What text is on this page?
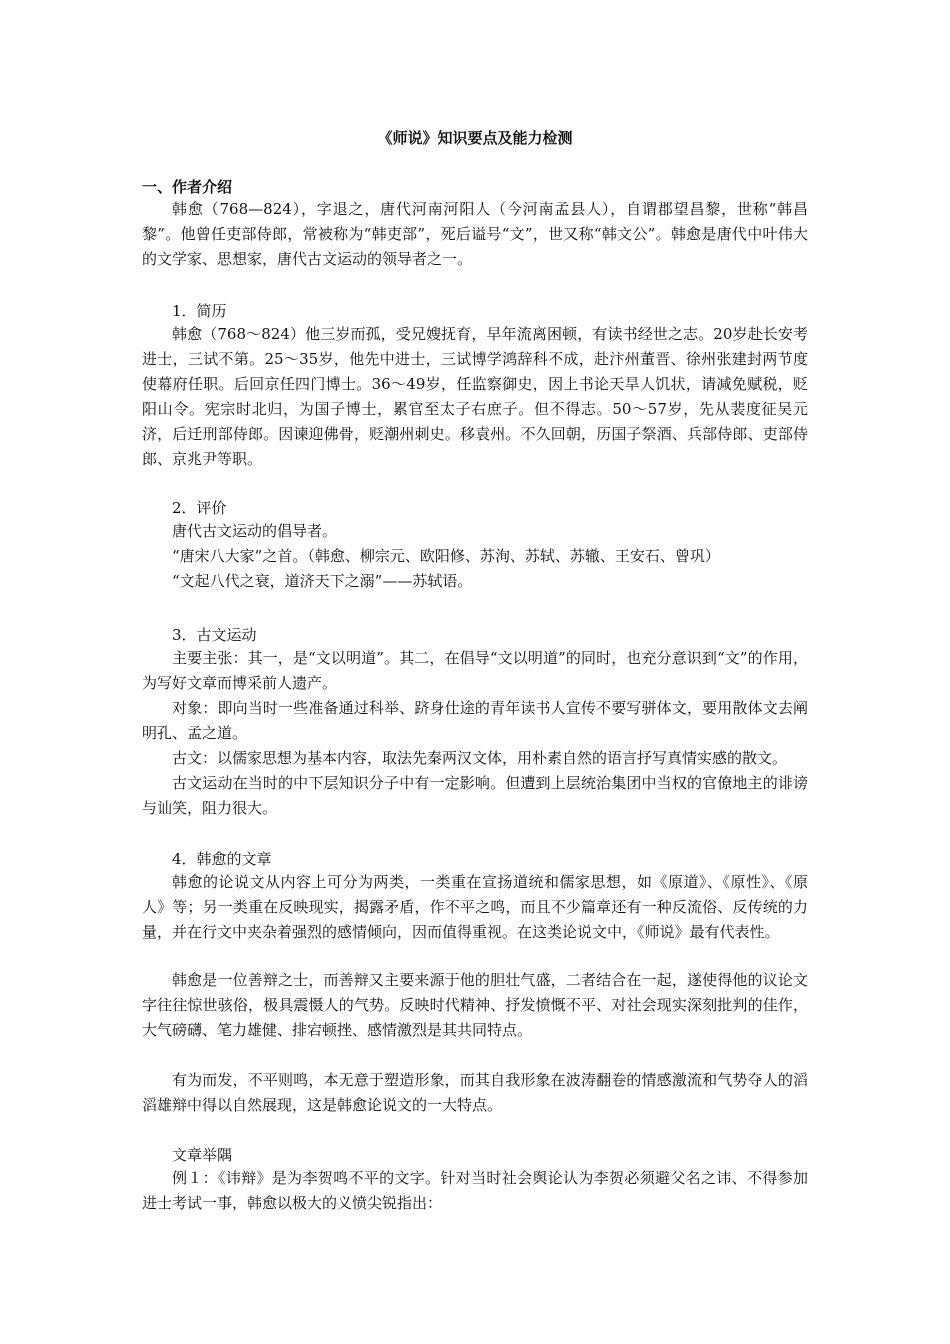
《师说》知识要点及能力检测
一、作者介绍

韩愈（768—824），字退之，唐代河南河阳人（今河南孟县人），自谓郡望昌黎，世称“韩昌黎”。他曾任吏部侍郎，常被称为“韩吏部”，死后谥号“文”，世又称“韩文公”。韩愈是唐代中叶伟大的文学家、思想家，唐代古文运动的领导者之一。

1．简历

韩愈（768～824）他三岁而孤，受兄嫂抚育，早年流离困顿，有读书经世之志。20岁赴长安考进士，三试不第。25～35岁，他先中进士，三试博学鸿辞科不成，赴汴州董晋、徐州张建封两节度使幕府任职。后回京任四门博士。36～49岁，任监察御史，因上书论天旱人饥状，请减免赋税，贬阳山令。宪宗时北归，为国子博士，累官至太子右庶子。但不得志。50～57岁，先从裴度征吴元济，后迁刑部侍郎。因谏迎佛骨，贬潮州刺史。移袁州。不久回朝，历国子祭酒、兵部侍郎、吏部侍郎、京兆尹等职。

2．评价

唐代古文运动的倡导者。

“唐宋八大家”之首。（韩愈、柳宗元、欧阳修、苏洵、苏轼、苏辙、王安石、曾巩）

“文起八代之衰，道济天下之溺”——苏轼语。

3．古文运动

主要主张：其一，是“文以明道”。其二，在倡导“文以明道”的同时，也充分意识到“文”的作用，为写好文章而博采前人遗产。

对象：即向当时一些准备通过科举、跻身仕途的青年读书人宣传不要写骈体文，要用散体文去阐明孔、孟之道。

古文：以儒家思想为基本内容，取法先秦两汉文体，用朴素自然的语言抒写真情实感的散文。

古文运动在当时的中下层知识分子中有一定影响。但遭到上层统治集团中当权的官僚地主的诽谤与讪笑，阻力很大。

4．韩愈的文章

韩愈的论说文从内容上可分为两类，一类重在宣扬道统和儒家思想，如《原道》、《原性》、《原人》等；另一类重在反映现实，揭露矛盾，作不平之鸣，而且不少篇章还有一种反流俗、反传统的力量，并在行文中夹杂着强烈的感情倾向，因而值得重视。在这类论说文中，《师说》最有代表性。

韩愈是一位善辩之士，而善辩又主要来源于他的胆壮气盛，二者结合在一起，遂使得他的议论文字往往惊世骇俗，极具震慑人的气势。反映时代精神、抒发愤慨不平、对社会现实深刻批判的佳作，大气磅礴、笔力雄健、排宕顿挫、感情激烈是其共同特点。

有为而发，不平则鸣，本无意于塑造形象，而其自我形象在波涛翻卷的情感激流和气势夺人的滔滔雄辩中得以自然展现，这是韩愈论说文的一大特点。

文章举隅

例１：《讳辩》是为李贺鸣不平的文字。针对当时社会舆论认为李贺必须避父名之讳、不得参加进士考试一事，韩愈以极大的义愤尖锐指出：
